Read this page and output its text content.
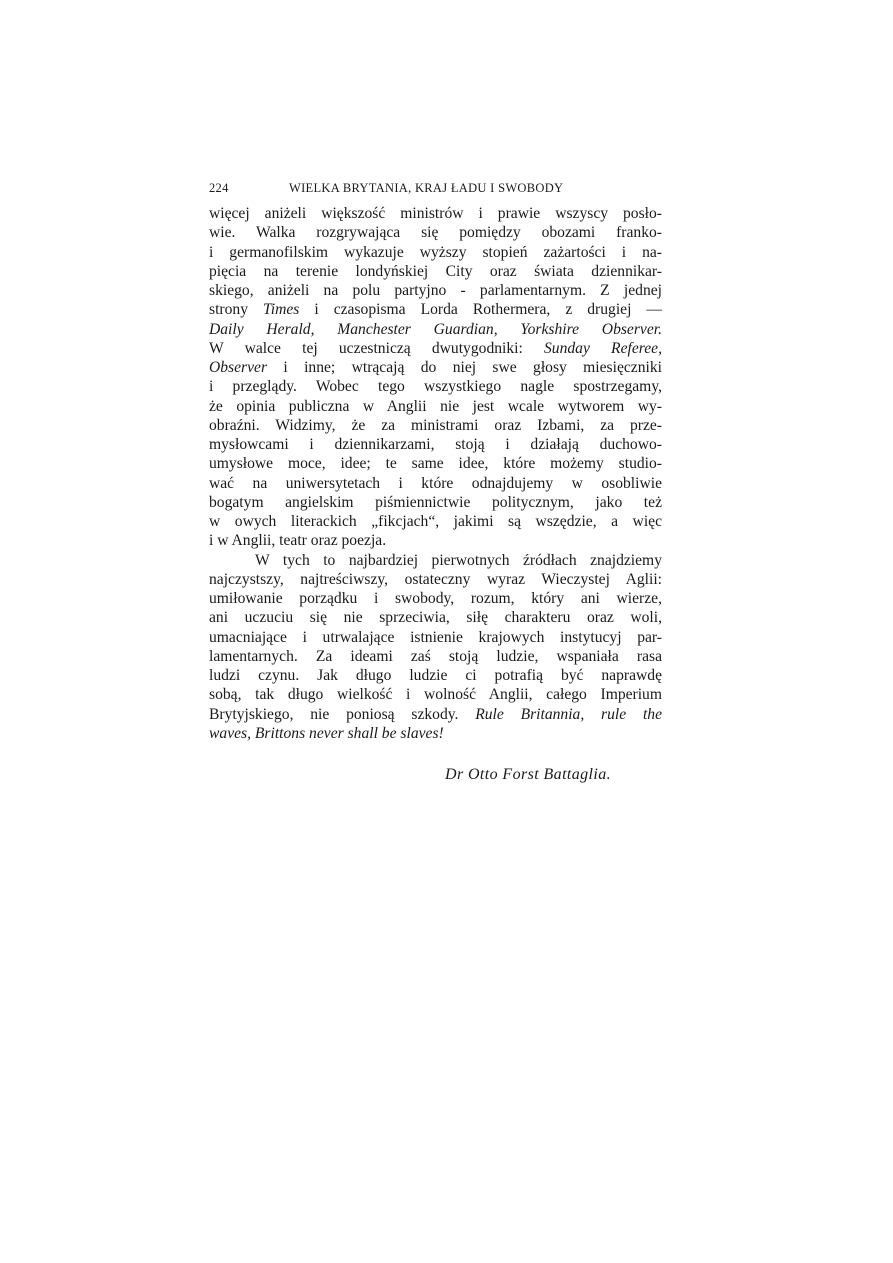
224	WIELKA BRYTANIA, KRAJ ŁADU I SWOBODY
więcej aniżeli większość ministrów i prawie wszyscy posło-
wie. Walka rozgrywająca się pomiędzy obozami franko-
i germanofilskim wykazuje wyższy stopień zażartości i na-
pięcia na terenie londyńskiej City oraz świata dziennikar-
skiego, aniżeli na polu partyjno - parlamentarnym. Z jednej
strony Times i czasopisma Lorda Rothermera, z drugiej —
Daily Herald, Manchester Guardian, Yorkshire Observer.
W walce tej uczestniczą dwutygodniki: Sunday Referee,
Observer i inne; wtrącają do niej swe głosy miesięczniki
i przeglądy. Wobec tego wszystkiego nagle spostrzegamy,
że opinia publiczna w Anglii nie jest wcale wytworem wy-
obraźni. Widzimy, że za ministrami oraz Izbami, za prze-
mysłowcami i dziennikarzami, stoją i działają duchowo-
umysłowe moce, idee; te same idee, które możemy studio-
wać na uniwersytetach i które odnajdujemy w osobliwie
bogatym angielskim piśmiennictwie politycznym, jako też
w owych literackich „fikcjach“, jakimi są wszędzie, a więc
i w Anglii, teatr oraz poezja.
W tych to najbardziej pierwotnych źródłach znajdziemy
najczystszy, najtreściwszy, ostateczny wyraz Wieczystej Aglii:
umiłowanie porządku i swobody, rozum, który ani wierze,
ani uczuciu się nie sprzeciwia, siłę charakteru oraz woli,
umacniające i utrwalające istnienie krajowych instytucyj par-
lamentarnych. Za ideami zaś stoją ludzie, wspaniała rasa
ludzi czynu. Jak długo ludzie ci potrafią być naprawdę
sobą, tak długo wielkość i wolność Anglii, całego Imperium
Brytyjskiego, nie poniosą szkody. Rule Britannia, rule the
waves, Brittons never shall be slaves!
Dr Otto Forst Battaglia.
